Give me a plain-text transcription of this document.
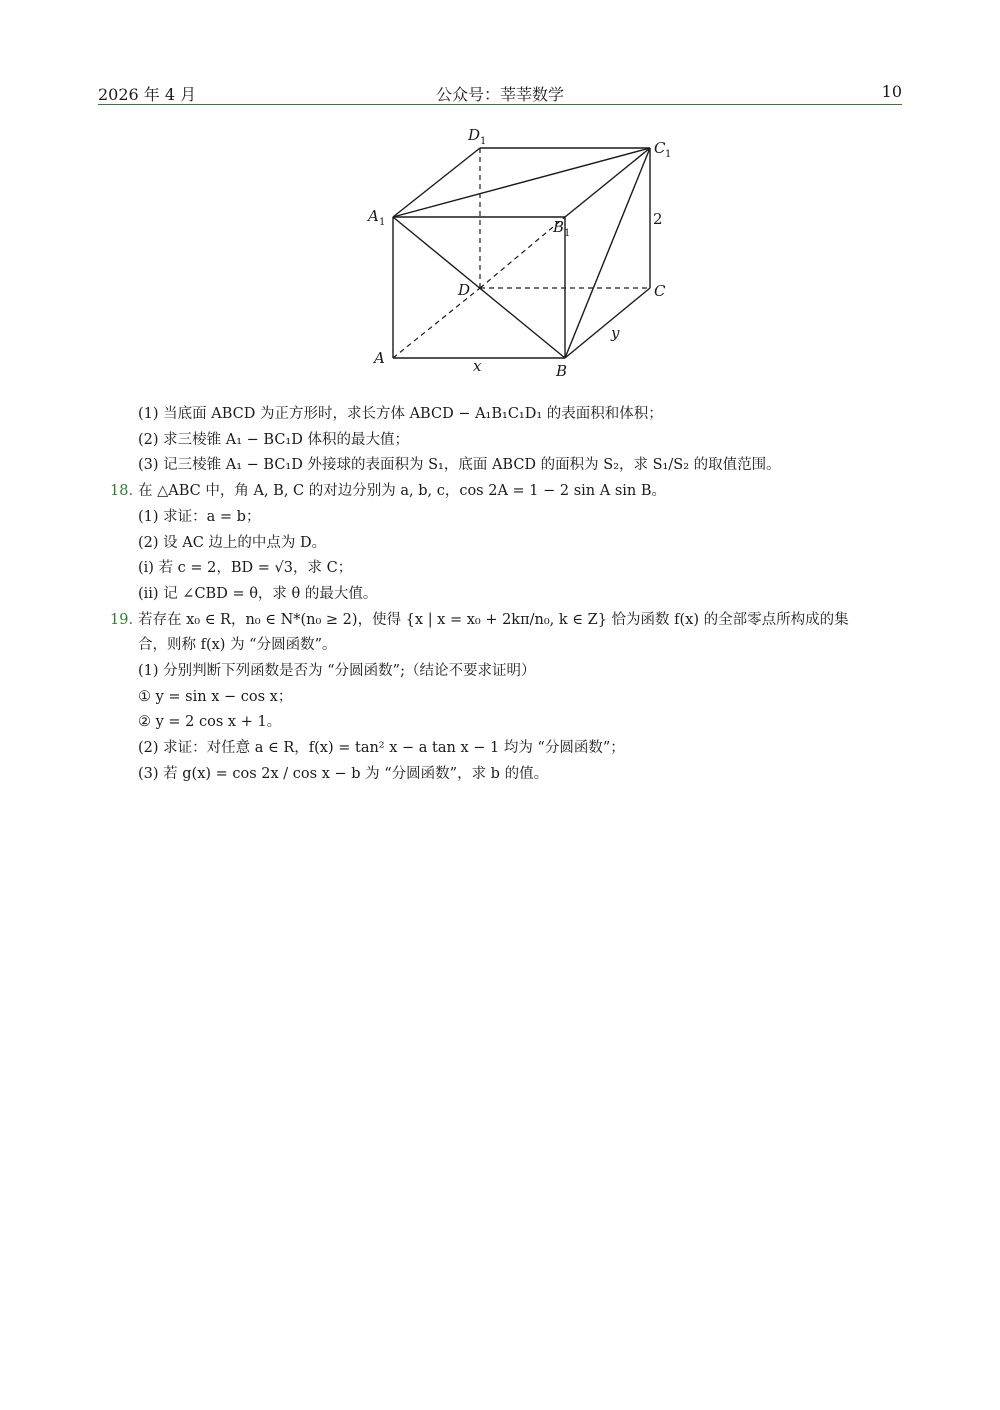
2026 年 4 月	公众号：莘莘数学	10
A
B
C
D
A 1	B 1
C 1
D 1
x
y
2
(1) 当底面 ABCD 为正方形时，求长方体 ABCD − A₁B₁C₁D₁ 的表面积和体积；
(2) 求三棱锥 A₁ − BC₁D 体积的最大值；
(3) 记三棱锥 A₁ − BC₁D 外接球的表面积为 S₁，底面 ABCD 的面积为 S₂，求 S₁/S₂ 的取值范围。
18. 在 △ABC 中，角 A, B, C 的对边分别为 a, b, c，cos 2A = 1 − 2 sin A sin B。
(1) 求证：a = b；
(2) 设 AC 边上的中点为 D。
(i) 若 c = 2，BD = √3，求 C；
(ii) 记 ∠CBD = θ，求 θ 的最大值。
19. 若存在 x₀ ∈ R，n₀ ∈ N*(n₀ ≥ 2)，使得 {x | x = x₀ + 2kπ/n₀, k ∈ Z} 恰为函数 f(x) 的全部零点所构成的集
合，则称 f(x) 为 “分圆函数”。
(1) 分别判断下列函数是否为 “分圆函数”;（结论不要求证明）
① y = sin x − cos x；
② y = 2 cos x + 1。
(2) 求证：对任意 a ∈ R，f(x) = tan² x − a tan x − 1 均为 “分圆函数”；
(3) 若 g(x) = cos 2x / cos x − b 为 “分圆函数”，求 b 的值。
